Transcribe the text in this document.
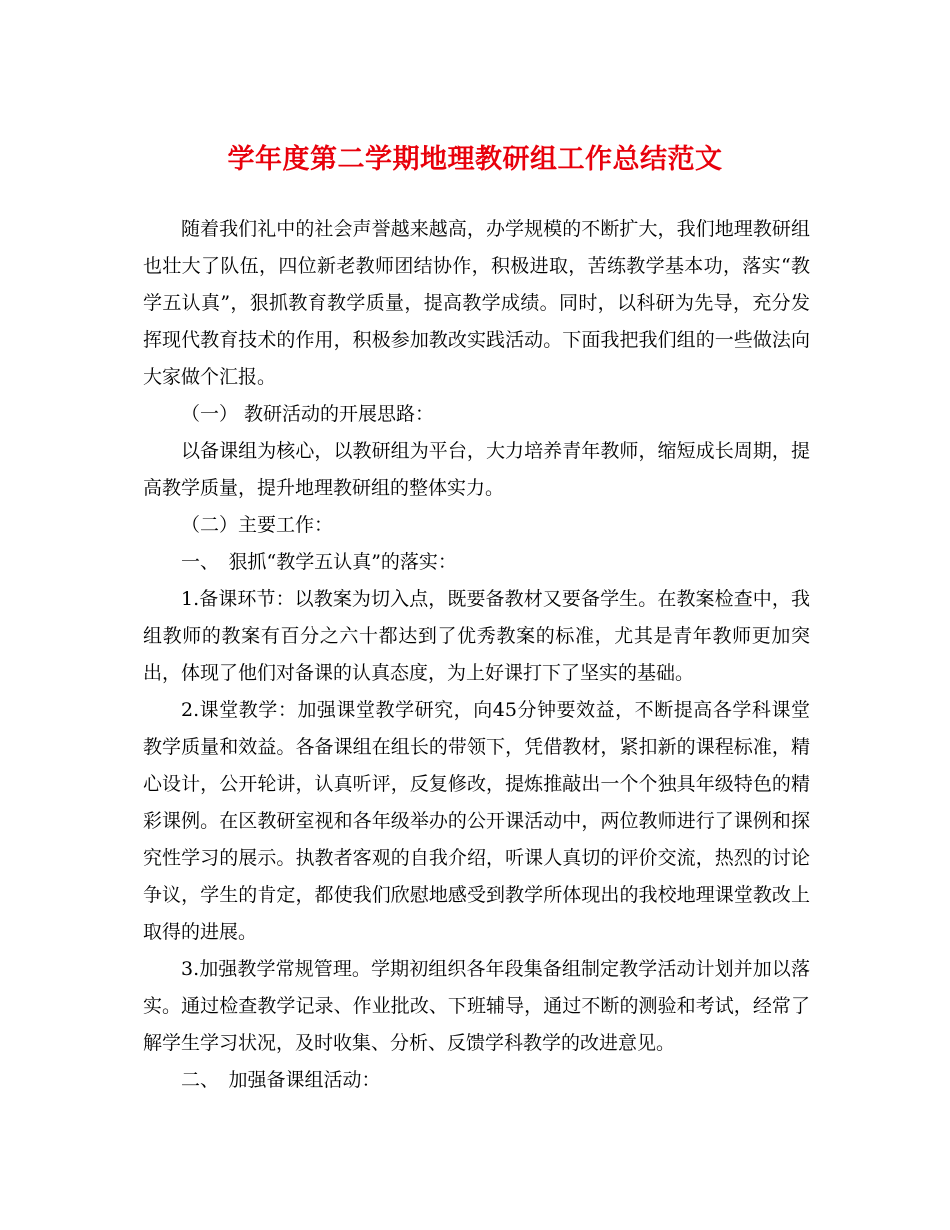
学年度第二学期地理教研组工作总结范文

随着我们礼中的社会声誉越来越高，办学规模的不断扩大，我们地理教研组也壮大了队伍，四位新老教师团结协作，积极进取，苦练教学基本功，落实“教学五认真”，狠抓教育教学质量，提高教学成绩。同时，以科研为先导，充分发挥现代教育技术的作用，积极参加教改实践活动。下面我把我们组的一些做法向大家做个汇报。

（一） 教研活动的开展思路：

以备课组为核心，以教研组为平台，大力培养青年教师，缩短成长周期，提高教学质量，提升地理教研组的整体实力。

（二）主要工作：

一、　狠抓“教学五认真”的落实：

1.备课环节：以教案为切入点，既要备教材又要备学生。在教案检查中，我组教师的教案有百分之六十都达到了优秀教案的标准，尤其是青年教师更加突出，体现了他们对备课的认真态度，为上好课打下了坚实的基础。

2.课堂教学：加强课堂教学研究，向45分钟要效益，不断提高各学科课堂教学质量和效益。各备课组在组长的带领下，凭借教材，紧扣新的课程标准，精心设计，公开轮讲，认真听评，反复修改，提炼推敲出一个个独具年级特色的精彩课例。在区教研室视和各年级举办的公开课活动中，两位教师进行了课例和探究性学习的展示。执教者客观的自我介绍，听课人真切的评价交流，热烈的讨论争议，学生的肯定，都使我们欣慰地感受到教学所体现出的我校地理课堂教改上取得的进展。

3.加强教学常规管理。学期初组织各年段集备组制定教学活动计划并加以落实。通过检查教学记录、作业批改、下班辅导，通过不断的测验和考试，经常了解学生学习状况，及时收集、分析、反馈学科教学的改进意见。

二、　加强备课组活动：
